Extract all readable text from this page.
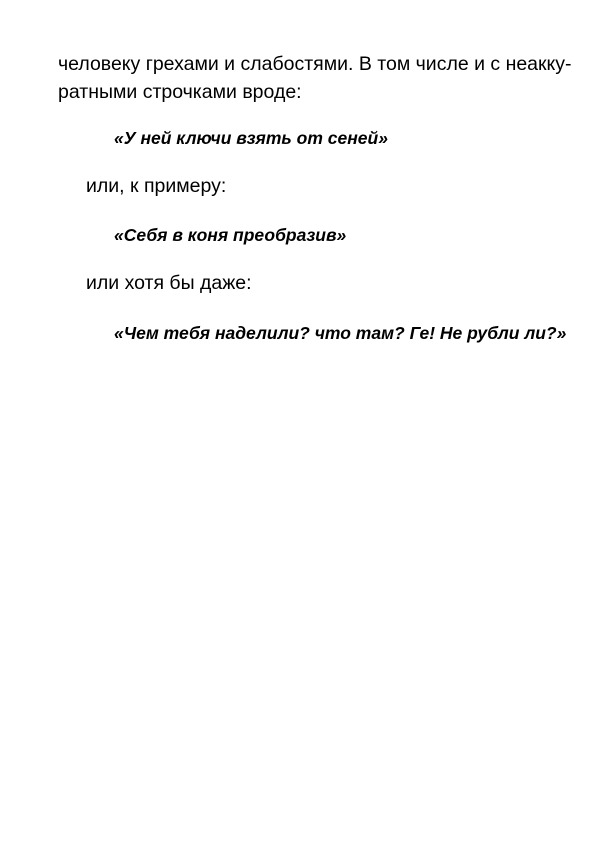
человеку грехами и слабостями. В том числе и с неакку-
ратными строчками вроде:
«У ней ключи взять от сеней»
или, к примеру:
«Себя в коня преобразив»
или хотя бы даже:
«Чем тебя наделили? что там? Ге! Не рубли ли?»
